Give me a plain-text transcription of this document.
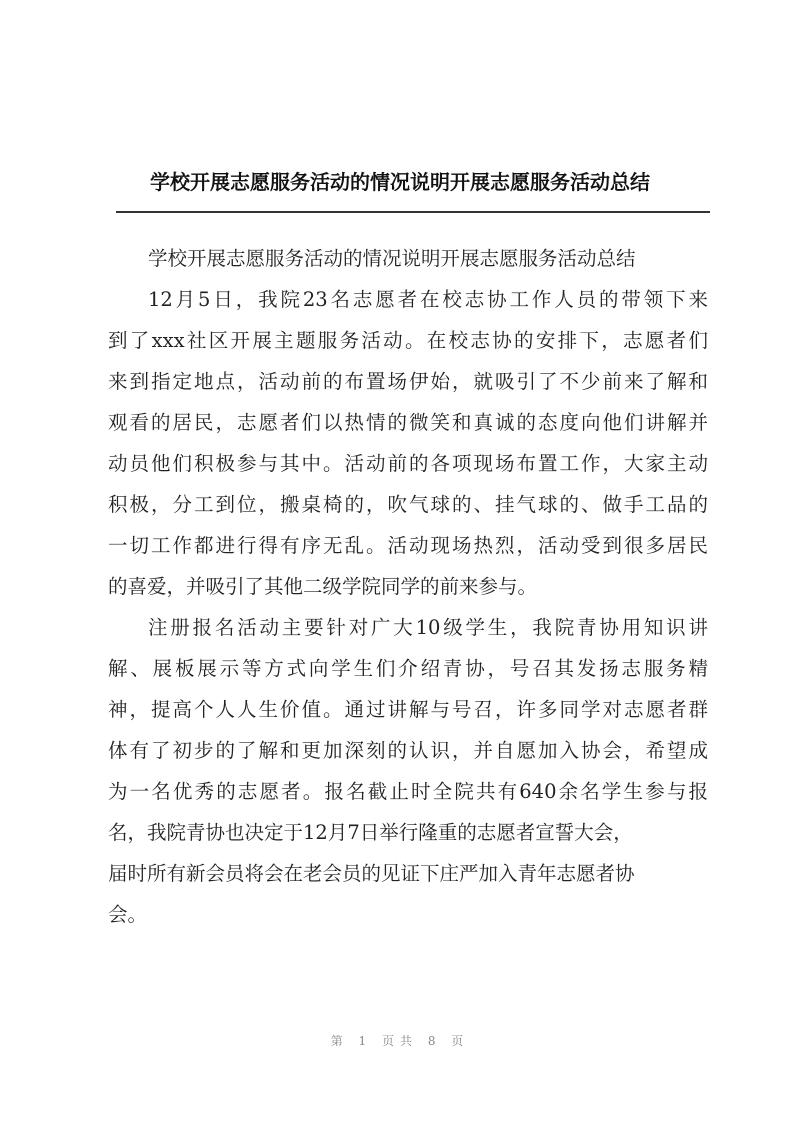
学校开展志愿服务活动的情况说明开展志愿服务活动总结
学校开展志愿服务活动的情况说明开展志愿服务活动总结
12月5日，我院23名志愿者在校志协工作人员的带领下来
到了xxx社区开展主题服务活动。在校志协的安排下，志愿者们
来到指定地点，活动前的布置场伊始，就吸引了不少前来了解和
观看的居民，志愿者们以热情的微笑和真诚的态度向他们讲解并
动员他们积极参与其中。活动前的各项现场布置工作，大家主动
积极，分工到位，搬桌椅的，吹气球的、挂气球的、做手工品的
一切工作都进行得有序无乱。活动现场热烈，活动受到很多居民
的喜爱，并吸引了其他二级学院同学的前来参与。
注册报名活动主要针对广大10级学生，我院青协用知识讲
解、展板展示等方式向学生们介绍青协，号召其发扬志服务精
神，提高个人人生价值。通过讲解与号召，许多同学对志愿者群
体有了初步的了解和更加深刻的认识，并自愿加入协会，希望成
为一名优秀的志愿者。报名截止时全院共有640余名学生参与报
名，我院青协也决定于12月7日举行隆重的志愿者宣誓大会，
届时所有新会员将会在老会员的见证下庄严加入青年志愿者协
会。
第 1 页共 8 页
